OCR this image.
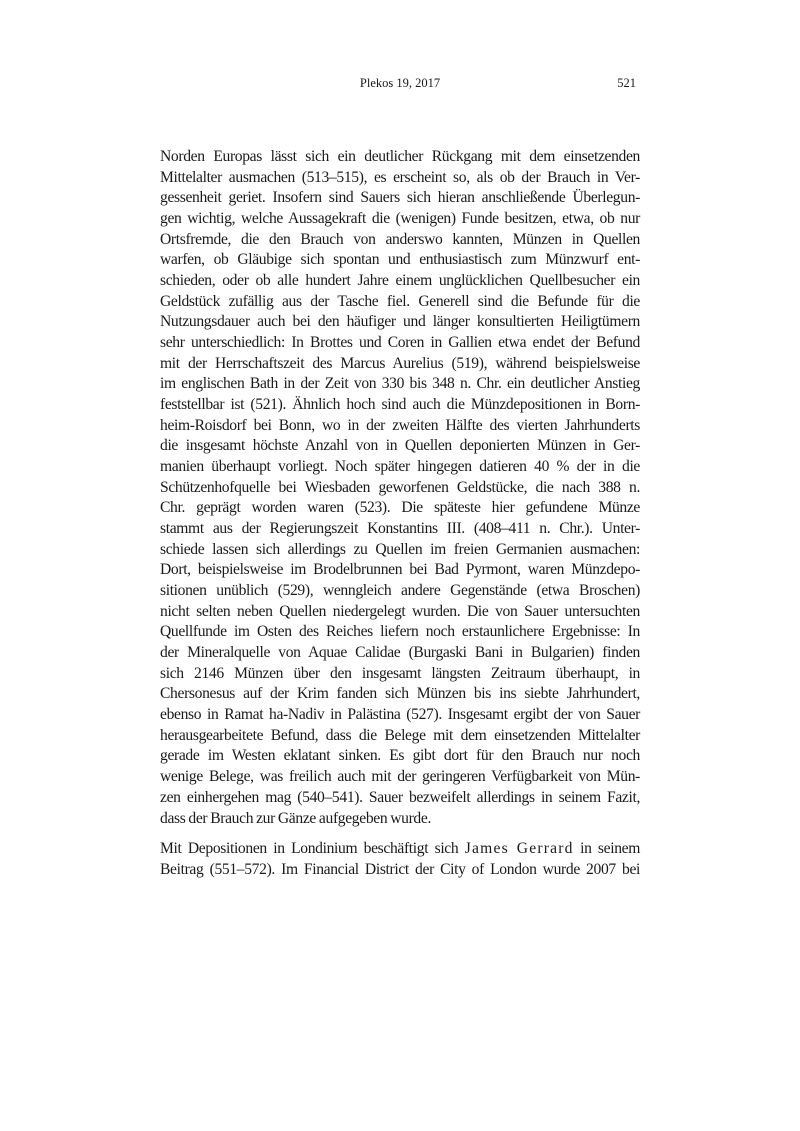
Plekos 19, 2017	521
Norden Europas lässt sich ein deutlicher Rückgang mit dem einsetzenden
Mittelalter ausmachen (513–515), es erscheint so, als ob der Brauch in Ver-
gessenheit geriet. Insofern sind Sauers sich hieran anschließende Überlegun-
gen wichtig, welche Aussagekraft die (wenigen) Funde besitzen, etwa, ob nur
Ortsfremde, die den Brauch von anderswo kannten, Münzen in Quellen
warfen, ob Gläubige sich spontan und enthusiastisch zum Münzwurf ent-
schieden, oder ob alle hundert Jahre einem unglücklichen Quellbesucher ein
Geldstück zufällig aus der Tasche fiel. Generell sind die Befunde für die
Nutzungsdauer auch bei den häufiger und länger konsultierten Heiligtümern
sehr unterschiedlich: In Brottes und Coren in Gallien etwa endet der Befund
mit der Herrschaftszeit des Marcus Aurelius (519), während beispielsweise
im englischen Bath in der Zeit von 330 bis 348 n. Chr. ein deutlicher Anstieg
feststellbar ist (521). Ähnlich hoch sind auch die Münzdepositionen in Born-
heim-Roisdorf bei Bonn, wo in der zweiten Hälfte des vierten Jahrhunderts
die insgesamt höchste Anzahl von in Quellen deponierten Münzen in Ger-
manien überhaupt vorliegt. Noch später hingegen datieren 40 % der in die
Schützenhofquelle bei Wiesbaden geworfenen Geldstücke, die nach 388 n.
Chr. geprägt worden waren (523). Die späteste hier gefundene Münze
stammt aus der Regierungszeit Konstantins III. (408–411 n. Chr.). Unter-
schiede lassen sich allerdings zu Quellen im freien Germanien ausmachen:
Dort, beispielsweise im Brodelbrunnen bei Bad Pyrmont, waren Münzdepo-
sitionen unüblich (529), wenngleich andere Gegenstände (etwa Broschen)
nicht selten neben Quellen niedergelegt wurden. Die von Sauer untersuchten
Quellfunde im Osten des Reiches liefern noch erstaunlichere Ergebnisse: In
der Mineralquelle von Aquae Calidae (Burgaski Bani in Bulgarien) finden
sich 2146 Münzen über den insgesamt längsten Zeitraum überhaupt, in
Chersonesus auf der Krim fanden sich Münzen bis ins siebte Jahrhundert,
ebenso in Ramat ha-Nadiv in Palästina (527). Insgesamt ergibt der von Sauer
herausgearbeitete Befund, dass die Belege mit dem einsetzenden Mittelalter
gerade im Westen eklatant sinken. Es gibt dort für den Brauch nur noch
wenige Belege, was freilich auch mit der geringeren Verfügbarkeit von Mün-
zen einhergehen mag (540–541). Sauer bezweifelt allerdings in seinem Fazit,
dass der Brauch zur Gänze aufgegeben wurde.
Mit Depositionen in Londinium beschäftigt sich James Gerrard in seinem
Beitrag (551–572). Im Financial District der City of London wurde 2007 bei
